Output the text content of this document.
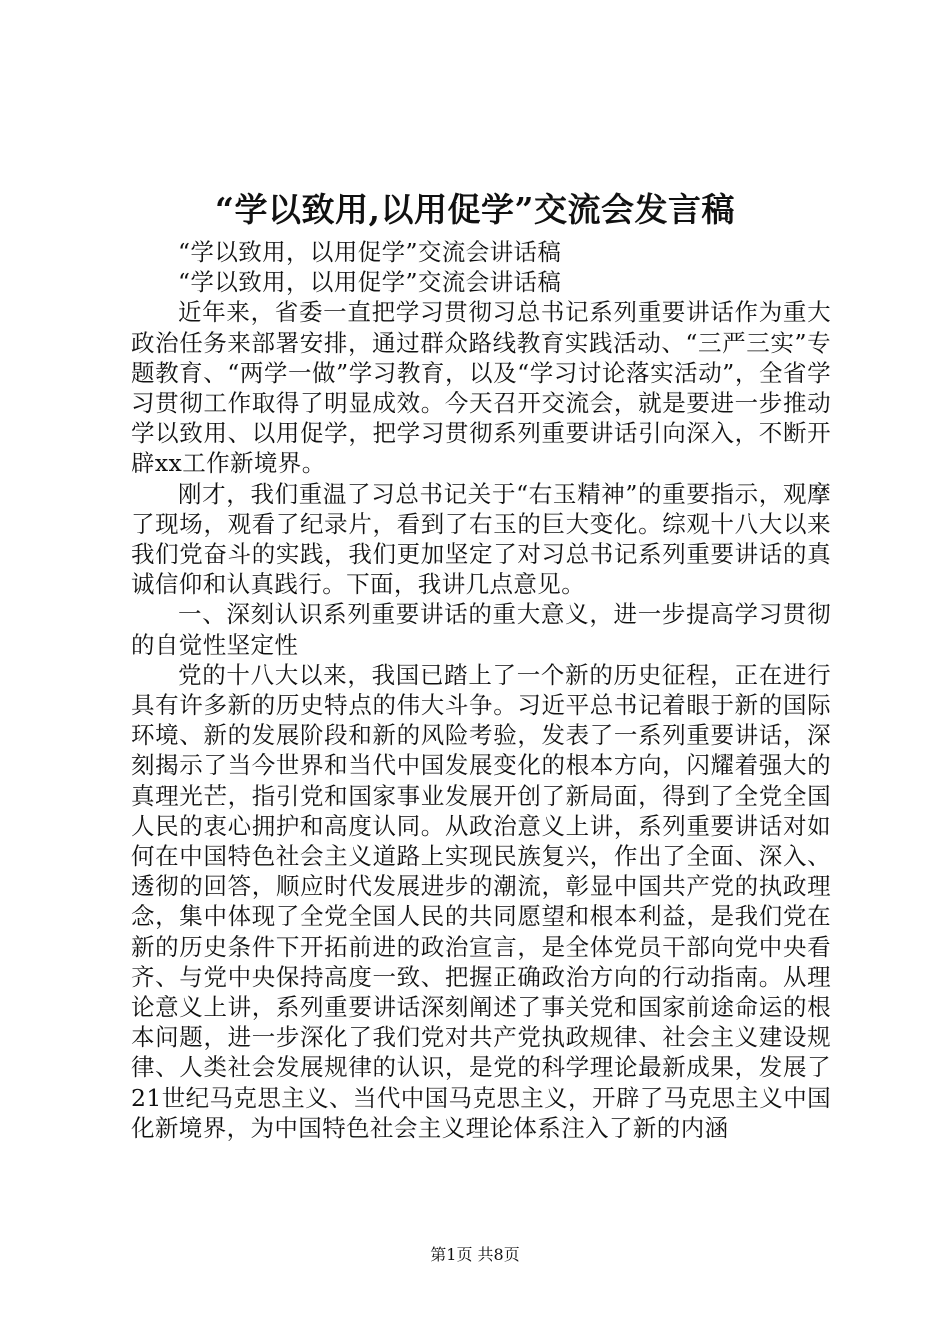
“学以致用,以用促学”交流会发言稿

“学以致用，以用促学”交流会讲话稿

“学以致用，以用促学”交流会讲话稿

近年来，省委一直把学习贯彻习总书记系列重要讲话作为重大政治任务来部署安排，通过群众路线教育实践活动、“三严三实”专题教育、“两学一做”学习教育，以及“学习讨论落实活动”，全省学习贯彻工作取得了明显成效。今天召开交流会，就是要进一步推动学以致用、以用促学，把学习贯彻系列重要讲话引向深入，不断开辟xx工作新境界。

刚才，我们重温了习总书记关于“右玉精神”的重要指示，观摩了现场，观看了纪录片，看到了右玉的巨大变化。综观十八大以来我们党奋斗的实践，我们更加坚定了对习总书记系列重要讲话的真诚信仰和认真践行。下面，我讲几点意见。

一、深刻认识系列重要讲话的重大意义，进一步提高学习贯彻的自觉性坚定性

党的十八大以来，我国已踏上了一个新的历史征程，正在进行具有许多新的历史特点的伟大斗争。习近平总书记着眼于新的国际环境、新的发展阶段和新的风险考验，发表了一系列重要讲话，深刻揭示了当今世界和当代中国发展变化的根本方向，闪耀着强大的真理光芒，指引党和国家事业发展开创了新局面，得到了全党全国人民的衷心拥护和高度认同。从政治意义上讲，系列重要讲话对如何在中国特色社会主义道路上实现民族复兴，作出了全面、深入、透彻的回答，顺应时代发展进步的潮流，彰显中国共产党的执政理念，集中体现了全党全国人民的共同愿望和根本利益，是我们党在新的历史条件下开拓前进的政治宣言，是全体党员干部向党中央看齐、与党中央保持高度一致、把握正确政治方向的行动指南。从理论意义上讲，系列重要讲话深刻阐述了事关党和国家前途命运的根本问题，进一步深化了我们党对共产党执政规律、社会主义建设规律、人类社会发展规律的认识，是党的科学理论最新成果，发展了21世纪马克思主义、当代中国马克思主义，开辟了马克思主义中国化新境界，为中国特色社会主义理论体系注入了新的内涵

第1页 共8页
